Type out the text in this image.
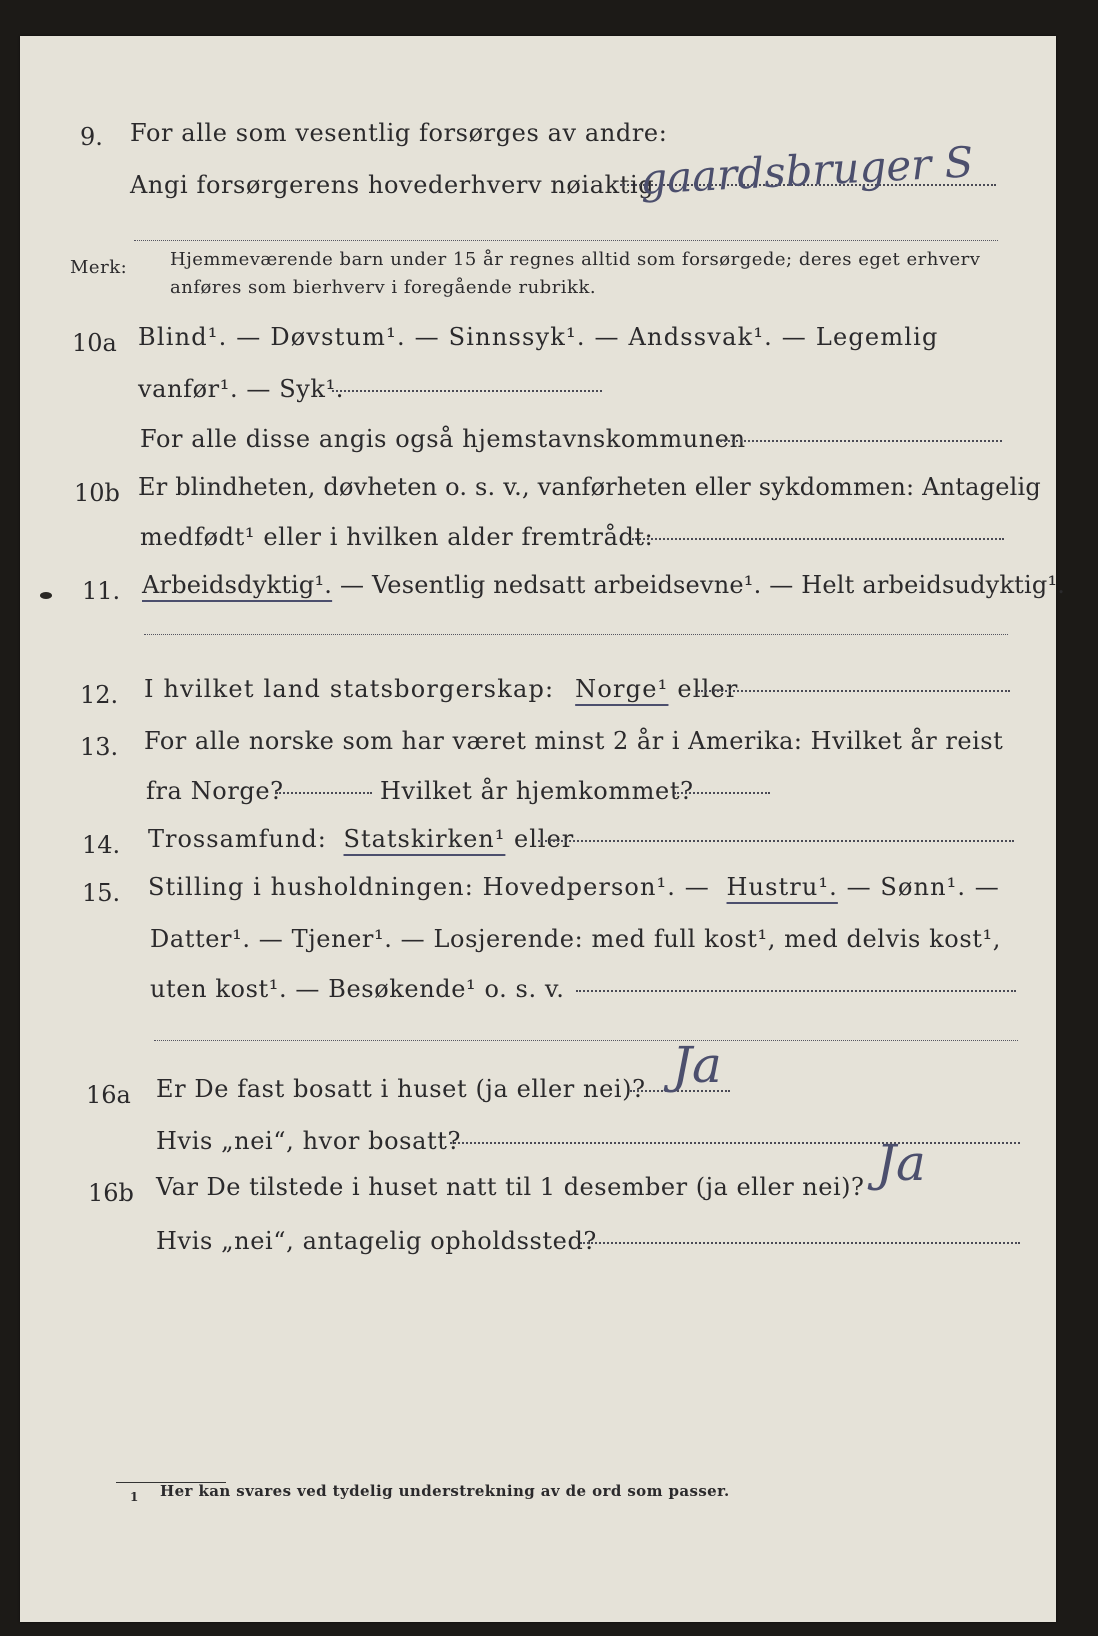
9. For alle som vesentlig forsørges av andre:
Angi forsørgerens hovederhverv nøiaktig
gaardsbruger S
Merk: Hjemmeværende barn under 15 år regnes alltid som forsørgede; deres eget erhverv
anføres som bierhverv i foregående rubrikk.
10a Blind¹. — Døvstum¹. — Sinnssyk¹. — Andssvak¹. — Legemlig
vanfør¹. — Syk¹.
For alle disse angis også hjemstavnskommunen
10b Er blindheten, døvheten o. s. v., vanførheten eller sykdommen: Antagelig
medfødt¹ eller i hvilken alder fremtrådt:
11. Arbeidsdyktig¹. — Vesentlig nedsatt arbeidsevne¹. — Helt arbeidsudyktig¹.
12. I hvilket land statsborgerskap: Norge¹ eller
13. For alle norske som har været minst 2 år i Amerika: Hvilket år reist
fra Norge?	Hvilket år hjemkommet?
14. Trossamfund: Statskirken¹ eller
15. Stilling i husholdningen: Hovedperson¹. — Hustru¹. — Sønn¹. —
Datter¹. — Tjener¹. — Losjerende: med full kost¹, med delvis kost¹,
uten kost¹. — Besøkende¹ o. s. v.
16a Er De fast bosatt i huset (ja eller nei)? Ja
Hvis „nei“, hvor bosatt?
16b Var De tilstede i huset natt til 1 desember (ja eller nei)? Ja
Hvis „nei“, antagelig opholdssted?
1 Her kan svares ved tydelig understrekning av de ord som passer.
